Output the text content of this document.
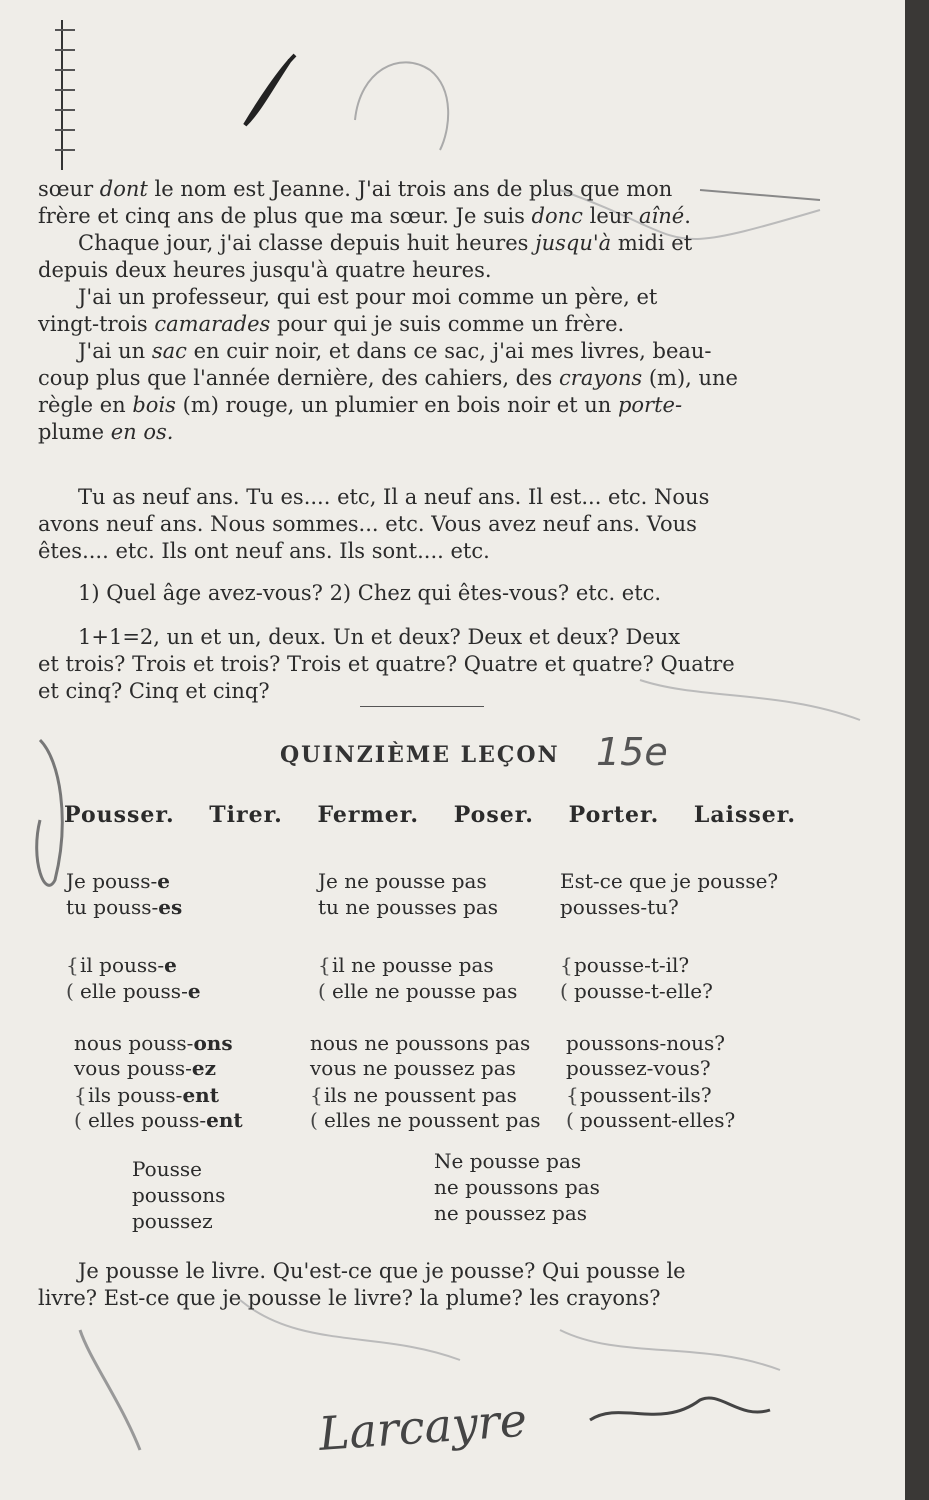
sœur dont le nom est Jeanne. J'ai trois ans de plus que mon
frère et cinq ans de plus que ma sœur. Je suis donc leur aîné.
Chaque jour, j'ai classe depuis huit heures jusqu'à midi et
depuis deux heures jusqu'à quatre heures.
J'ai un professeur, qui est pour moi comme un père, et
vingt-trois camarades pour qui je suis comme un frère.
J'ai un sac en cuir noir, et dans ce sac, j'ai mes livres, beau-
coup plus que l'année dernière, des cahiers, des crayons (m), une
règle en bois (m) rouge, un plumier en bois noir et un porte-
plume en os.
Tu as neuf ans. Tu es.... etc, Il a neuf ans. Il est... etc. Nous
avons neuf ans. Nous sommes... etc. Vous avez neuf ans. Vous
êtes.... etc. Ils ont neuf ans. Ils sont.... etc.
1) Quel âge avez-vous? 2) Chez qui êtes-vous? etc. etc.
1+1=2, un et un, deux. Un et deux? Deux et deux? Deux
et trois? Trois et trois? Trois et quatre? Quatre et quatre? Quatre
et cinq? Cinq et cinq?
Je pousse le livre. Qu'est-ce que je pousse? Qui pousse le
livre? Est-ce que je pousse le livre? la plume? les crayons?
QUINZIÈME LEÇON 15e
Pousser. Tirer. Fermer. Poser. Porter. Laisser.
Je pouss-e
tu pouss-es
{il pouss-e
( elle pouss-e
nous pouss-ons
vous pouss-ez
{ils pouss-ent
( elles pouss-ent
Je ne pousse pas
tu ne pousses pas
{il ne pousse pas
( elle ne pousse pas
nous ne poussons pas
vous ne poussez pas
{ils ne poussent pas
( elles ne poussent pas
Est-ce que je pousse?
pousses-tu?
{pousse-t-il?
( pousse-t-elle?
poussons-nous?
poussez-vous?
{poussent-ils?
( poussent-elles?
Pousse
poussons
poussez
Ne pousse pas
ne poussons pas
ne poussez pas
Larcayre
